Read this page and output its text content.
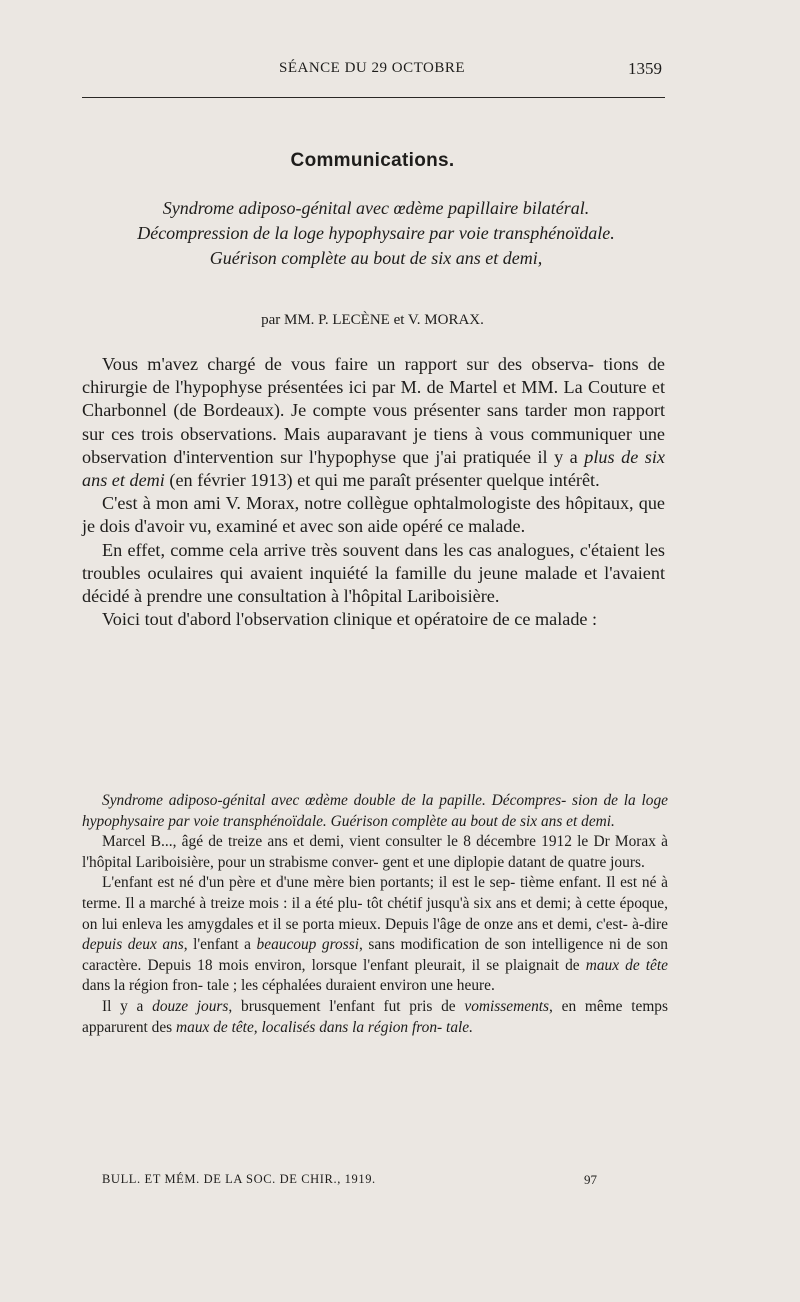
SÉANCE DU 29 OCTOBRE	1359
Communications.
Syndrome adiposo-génital avec œdème papillaire bilatéral.
Décompression de la loge hypophysaire par voie transphénoïdale.
Guérison complète au bout de six ans et demi,
par MM. P. LECÈNE et V. MORAX.

Vous m'avez chargé de vous faire un rapport sur des observa- tions de chirurgie de l'hypophyse présentées ici par M. de Martel et MM. La Couture et Charbonnel (de Bordeaux). Je compte vous présenter sans tarder mon rapport sur ces trois observations. Mais auparavant je tiens à vous communiquer une observation d'intervention sur l'hypophyse que j'ai pratiquée il y a plus de six ans et demi (en février 1913) et qui me paraît présenter quelque intérêt.

C'est à mon ami V. Morax, notre collègue ophtalmologiste des hôpitaux, que je dois d'avoir vu, examiné et avec son aide opéré ce malade.

En effet, comme cela arrive très souvent dans les cas analogues, c'étaient les troubles oculaires qui avaient inquiété la famille du jeune malade et l'avaient décidé à prendre une consultation à l'hôpital Lariboisière.

Voici tout d'abord l'observation clinique et opératoire de ce malade :

Syndrome adiposo-génital avec œdème double de la papille. Décompres- sion de la loge hypophysaire par voie transphénoïdale. Guérison complète au bout de six ans et demi.

Marcel B..., âgé de treize ans et demi, vient consulter le 8 décembre 1912 le Dr Morax à l'hôpital Lariboisière, pour un strabisme conver- gent et une diplopie datant de quatre jours.

L'enfant est né d'un père et d'une mère bien portants; il est le sep- tième enfant. Il est né à terme. Il a marché à treize mois : il a été plu- tôt chétif jusqu'à six ans et demi; à cette époque, on lui enleva les amygdales et il se porta mieux. Depuis l'âge de onze ans et demi, c'est- à-dire depuis deux ans, l'enfant a beaucoup grossi, sans modification de son intelligence ni de son caractère. Depuis 18 mois environ, lorsque l'enfant pleurait, il se plaignait de maux de tête dans la région fron- tale ; les céphalées duraient environ une heure.

Il y a douze jours, brusquement l'enfant fut pris de vomissements, en même temps apparurent des maux de tête, localisés dans la région fron- tale.

BULL. ET MÉM. DE LA SOC. DE CHIR., 1919.	97
